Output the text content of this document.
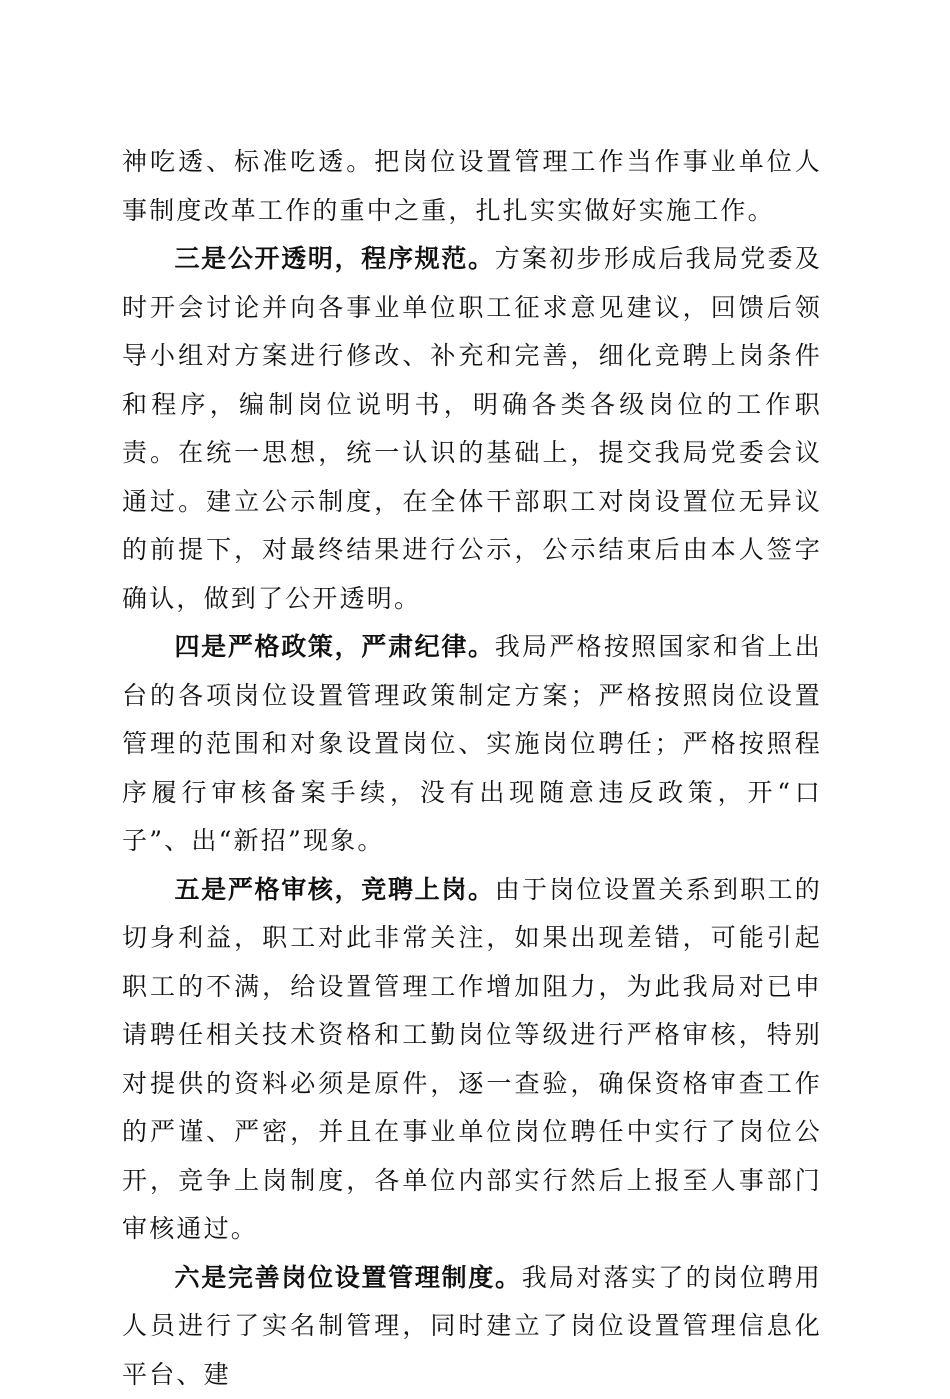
神吃透、标准吃透。把岗位设置管理工作当作事业单位人事制度改革工作的重中之重，扎扎实实做好实施工作。

三是公开透明，程序规范。方案初步形成后我局党委及时开会讨论并向各事业单位职工征求意见建议，回馈后领导小组对方案进行修改、补充和完善，细化竞聘上岗条件和程序，编制岗位说明书，明确各类各级岗位的工作职责。在统一思想，统一认识的基础上，提交我局党委会议通过。建立公示制度，在全体干部职工对岗设置位无异议的前提下，对最终结果进行公示，公示结束后由本人签字确认，做到了公开透明。

四是严格政策，严肃纪律。我局严格按照国家和省上出台的各项岗位设置管理政策制定方案；严格按照岗位设置管理的范围和对象设置岗位、实施岗位聘任；严格按照程序履行审核备案手续，没有出现随意违反政策，开“口子”、出“新招”现象。

五是严格审核，竞聘上岗。由于岗位设置关系到职工的切身利益，职工对此非常关注，如果出现差错，可能引起职工的不满，给设置管理工作增加阻力，为此我局对已申请聘任相关技术资格和工勤岗位等级进行严格审核，特别对提供的资料必须是原件，逐一查验，确保资格审查工作的严谨、严密，并且在事业单位岗位聘任中实行了岗位公开，竞争上岗制度，各单位内部实行然后上报至人事部门审核通过。

六是完善岗位设置管理制度。我局对落实了的岗位聘用人员进行了实名制管理，同时建立了岗位设置管理信息化平台、建
